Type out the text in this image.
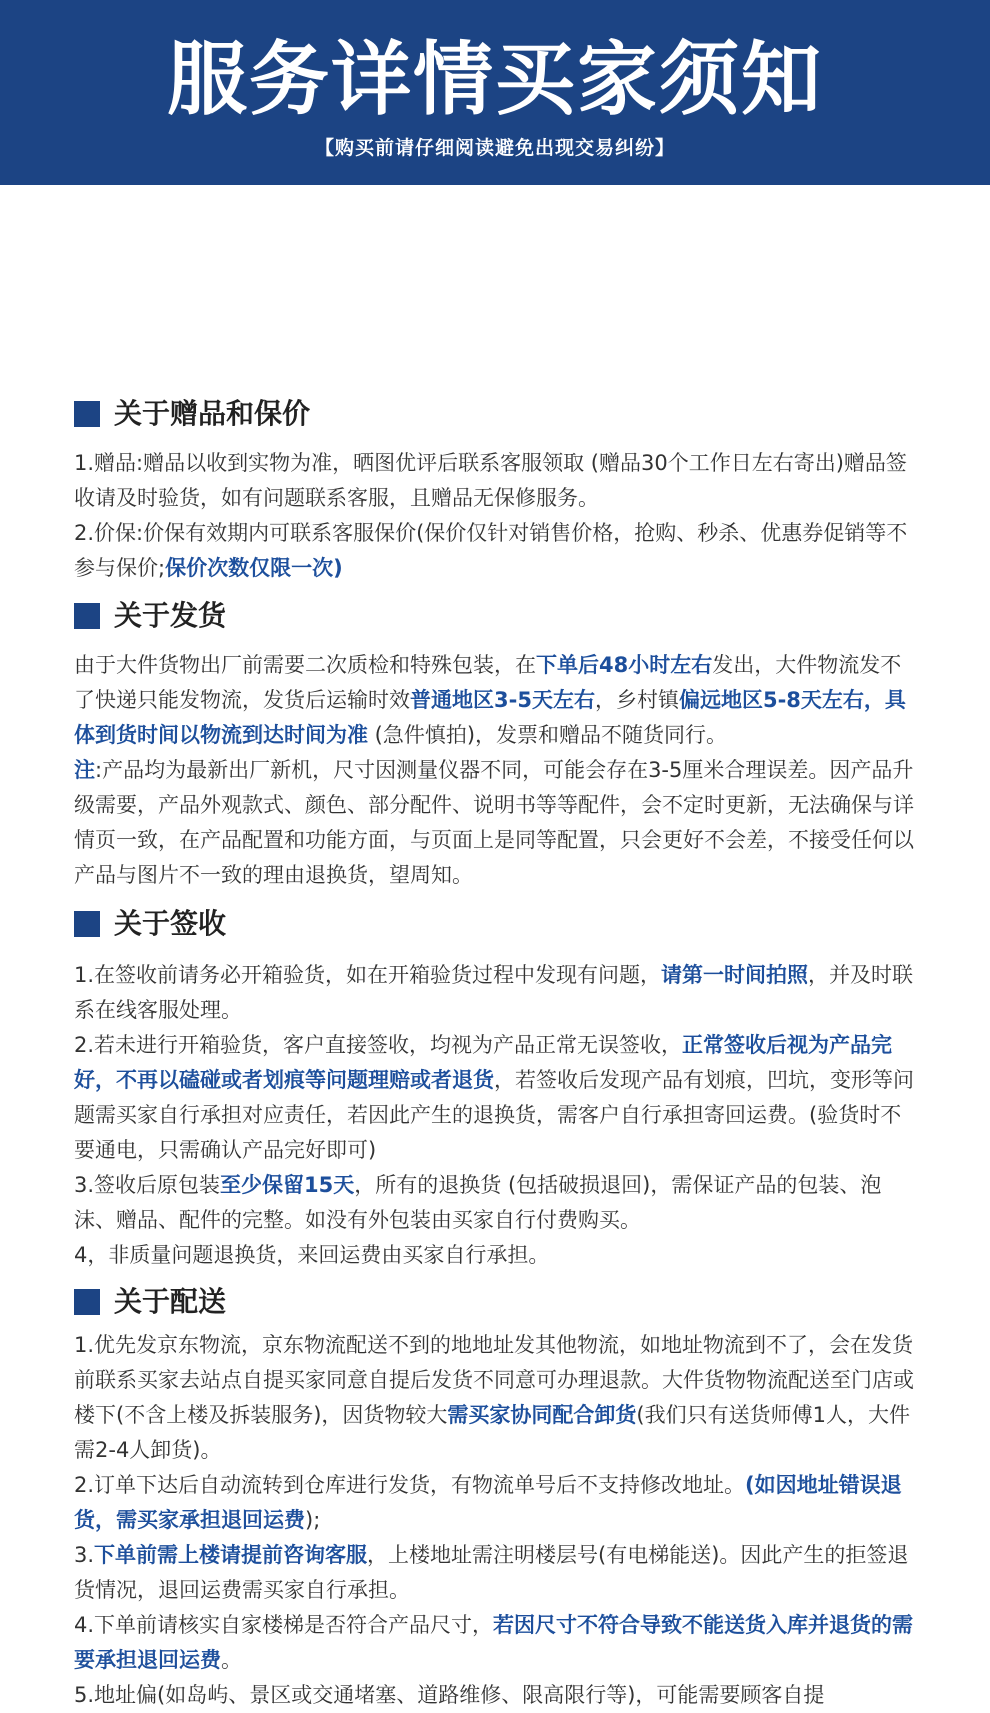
服务详情买家须知
【购买前请仔细阅读避免出现交易纠纷】
关于赠品和保价
1.赠品:赠品以收到实物为准，晒图优评后联系客服领取 (赠品30个工作日左右寄出)赠品签收请及时验货，如有问题联系客服，且赠品无保修服务。
2.价保:价保有效期内可联系客服保价(保价仅针对销售价格，抢购、秒杀、优惠券促销等不参与保价;保价次数仅限一次)
关于发货
由于大件货物出厂前需要二次质检和特殊包装，在下单后48小时左右发出，大件物流发不了快递只能发物流，发货后运输时效普通地区3-5天左右，乡村镇偏远地区5-8天左右，具体到货时间以物流到达时间为准 (急件慎拍)，发票和赠品不随货同行。
注:产品均为最新出厂新机，尺寸因测量仪器不同，可能会存在3-5厘米合理误差。因产品升级需要，产品外观款式、颜色、部分配件、说明书等等配件，会不定时更新，无法确保与详情页一致，在产品配置和功能方面，与页面上是同等配置，只会更好不会差，不接受任何以产品与图片不一致的理由退换货，望周知。
关于签收
1.在签收前请务必开箱验货，如在开箱验货过程中发现有问题，请第一时间拍照，并及时联系在线客服处理。
2.若未进行开箱验货，客户直接签收，均视为产品正常无误签收，正常签收后视为产品完好，不再以磕碰或者划痕等问题理赔或者退货，若签收后发现产品有划痕，凹坑，变形等问题需买家自行承担对应责任，若因此产生的退换货，需客户自行承担寄回运费。(验货时不要通电，只需确认产品完好即可)
3.签收后原包装至少保留15天，所有的退换货 (包括破损退回)，需保证产品的包装、泡沫、赠品、配件的完整。如没有外包装由买家自行付费购买。
4，非质量问题退换货，来回运费由买家自行承担。
关于配送
1.优先发京东物流，京东物流配送不到的地地址发其他物流，如地址物流到不了，会在发货前联系买家去站点自提买家同意自提后发货不同意可办理退款。大件货物物流配送至门店或楼下(不含上楼及拆装服务)，因货物较大需买家协同配合卸货(我们只有送货师傅1人，大件需2-4人卸货)。
2.订单下达后自动流转到仓库进行发货，有物流单号后不支持修改地址。(如因地址错误退货，需买家承担退回运费);
3.下单前需上楼请提前咨询客服，上楼地址需注明楼层号(有电梯能送)。因此产生的拒签退货情况，退回运费需买家自行承担。
4.下单前请核实自家楼梯是否符合产品尺寸，若因尺寸不符合导致不能送货入库并退货的需要承担退回运费。
5.地址偏(如岛屿、景区或交通堵塞、道路维修、限高限行等)，可能需要顾客自提
